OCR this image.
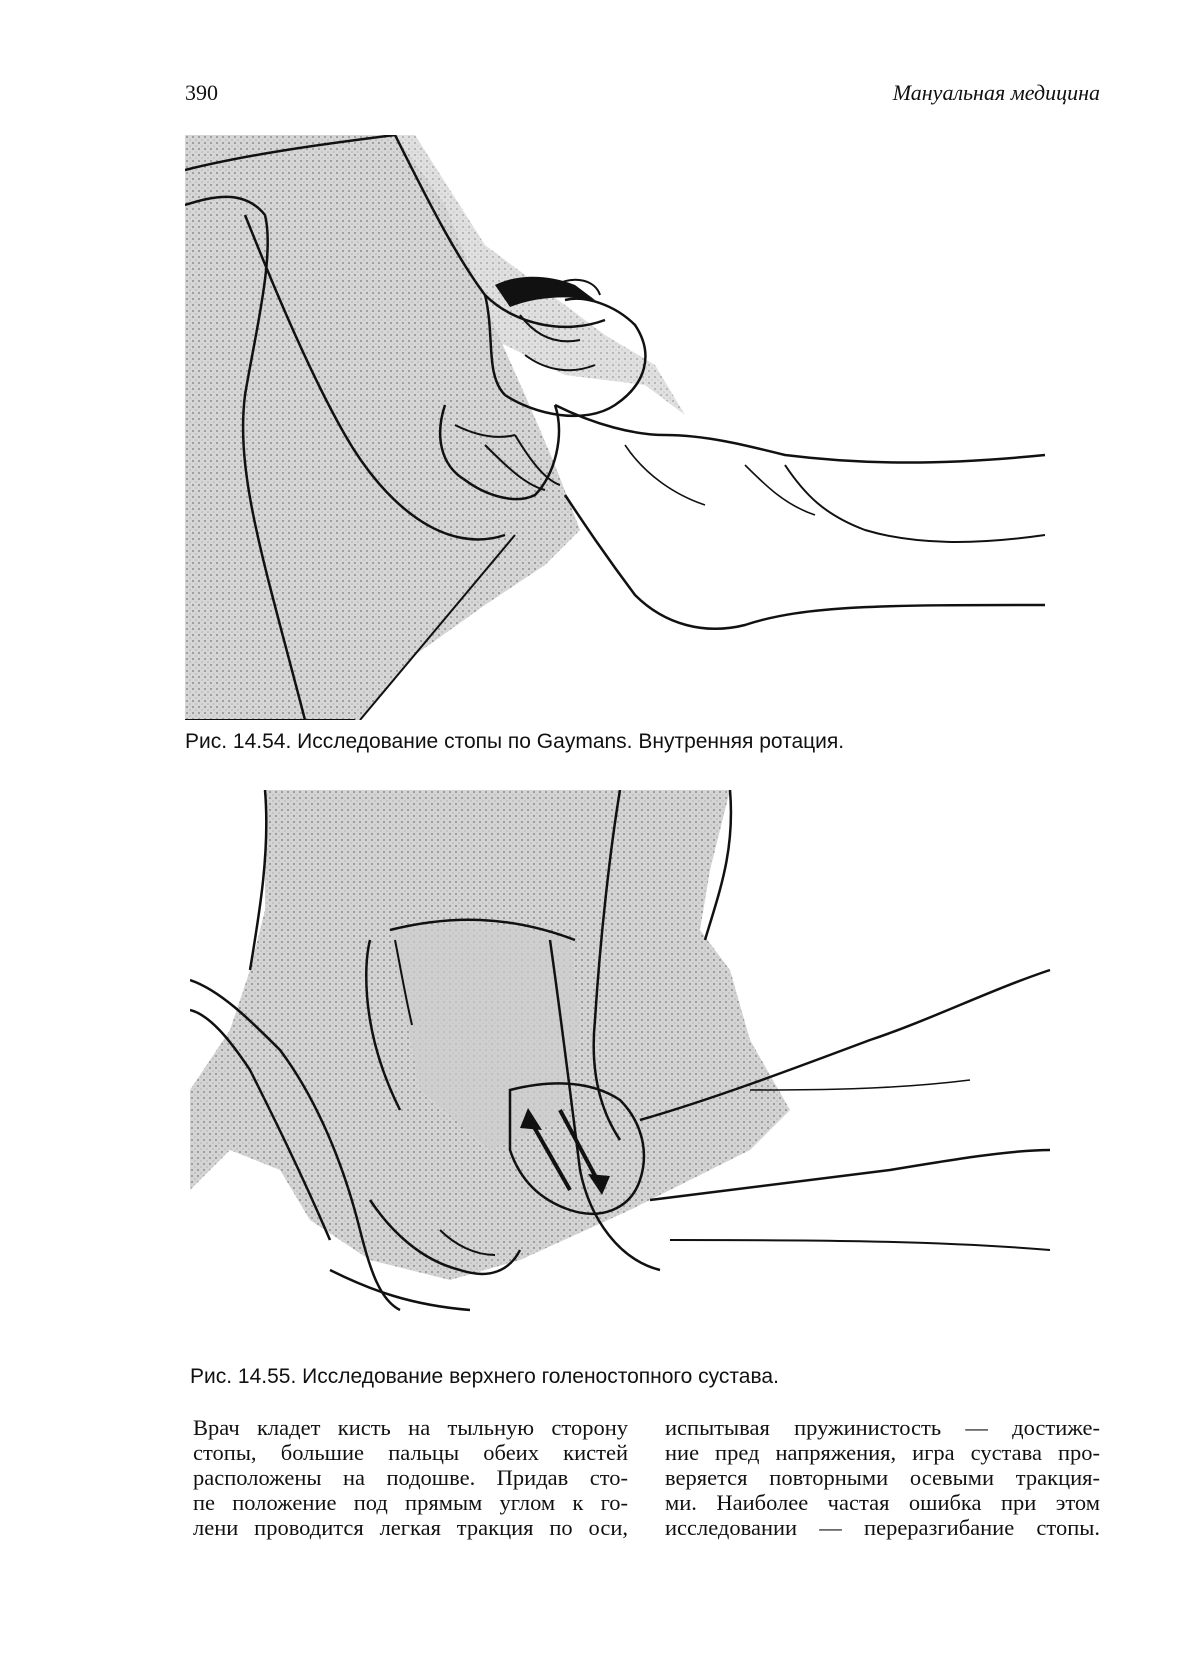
390	Мануальная медицина
Рис. 14.54. Исследование стопы по Gaymans. Внутренняя ротация.
Рис. 14.55. Исследование верхнего голеностопного сустава.
Врач кладет кисть на тыльную сторону
стопы, большие пальцы обеих кистей
расположены на подошве. Придав сто-
пе положение под прямым углом к го-
лени проводится легкая тракция по оси,
испытывая пружинистость — достиже-
ние пред напряжения, игра сустава про-
веряется повторными осевыми тракция-
ми. Наиболее частая ошибка при этом
исследовании — переразгибание стопы.
